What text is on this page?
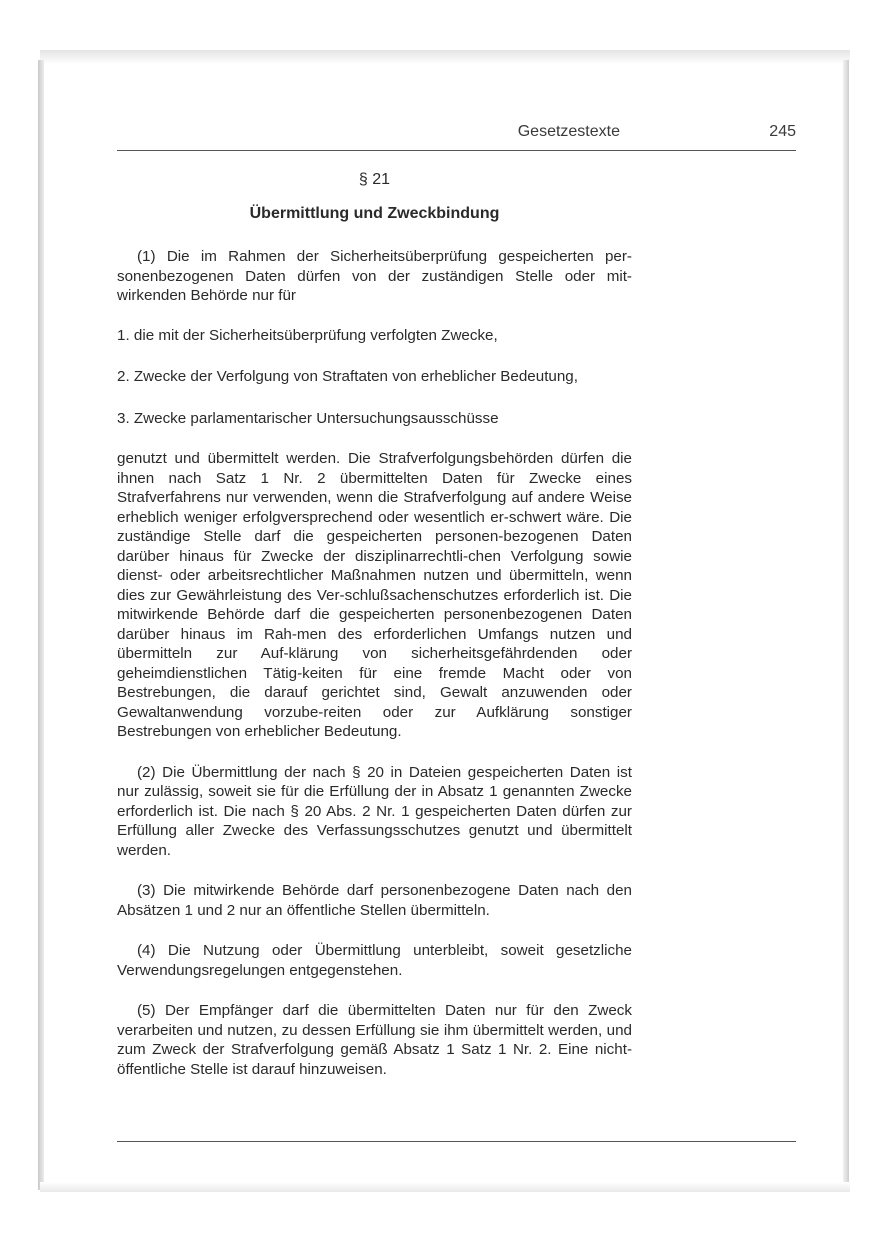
Gesetzestexte	245
§ 21
Übermittlung und Zweckbindung

(1) Die im Rahmen der Sicherheitsüberprüfung gespeicherten per-sonenbezogenen Daten dürfen von der zuständigen Stelle oder mit-wirkenden Behörde nur für

1. die mit der Sicherheitsüberprüfung verfolgten Zwecke,

2. Zwecke der Verfolgung von Straftaten von erheblicher Bedeutung,

3. Zwecke parlamentarischer Untersuchungsausschüsse

genutzt und übermittelt werden. Die Strafverfolgungsbehörden dürfen die ihnen nach Satz 1 Nr. 2 übermittelten Daten für Zwecke eines Strafverfahrens nur verwenden, wenn die Strafverfolgung auf andere Weise erheblich weniger erfolgversprechend oder wesentlich er-schwert wäre. Die zuständige Stelle darf die gespeicherten personen-bezogenen Daten darüber hinaus für Zwecke der disziplinarrechtli-chen Verfolgung sowie dienst- oder arbeitsrechtlicher Maßnahmen nutzen und übermitteln, wenn dies zur Gewährleistung des Ver-schlußsachenschutzes erforderlich ist. Die mitwirkende Behörde darf die gespeicherten personenbezogenen Daten darüber hinaus im Rah-men des erforderlichen Umfangs nutzen und übermitteln zur Auf-klärung von sicherheitsgefährdenden oder geheimdienstlichen Tätig-keiten für eine fremde Macht oder von Bestrebungen, die darauf gerichtet sind, Gewalt anzuwenden oder Gewaltanwendung vorzube-reiten oder zur Aufklärung sonstiger Bestrebungen von erheblicher Bedeutung.

(2) Die Übermittlung der nach § 20 in Dateien gespeicherten Daten ist nur zulässig, soweit sie für die Erfüllung der in Absatz 1 genannten Zwecke erforderlich ist. Die nach § 20 Abs. 2 Nr. 1 gespeicherten Daten dürfen zur Erfüllung aller Zwecke des Verfassungsschutzes genutzt und übermittelt werden.

(3) Die mitwirkende Behörde darf personenbezogene Daten nach den Absätzen 1 und 2 nur an öffentliche Stellen übermitteln.

(4) Die Nutzung oder Übermittlung unterbleibt, soweit gesetzliche Verwendungsregelungen entgegenstehen.

(5) Der Empfänger darf die übermittelten Daten nur für den Zweck verarbeiten und nutzen, zu dessen Erfüllung sie ihm übermittelt werden, und zum Zweck der Strafverfolgung gemäß Absatz 1 Satz 1 Nr. 2. Eine nicht-öffentliche Stelle ist darauf hinzuweisen.
